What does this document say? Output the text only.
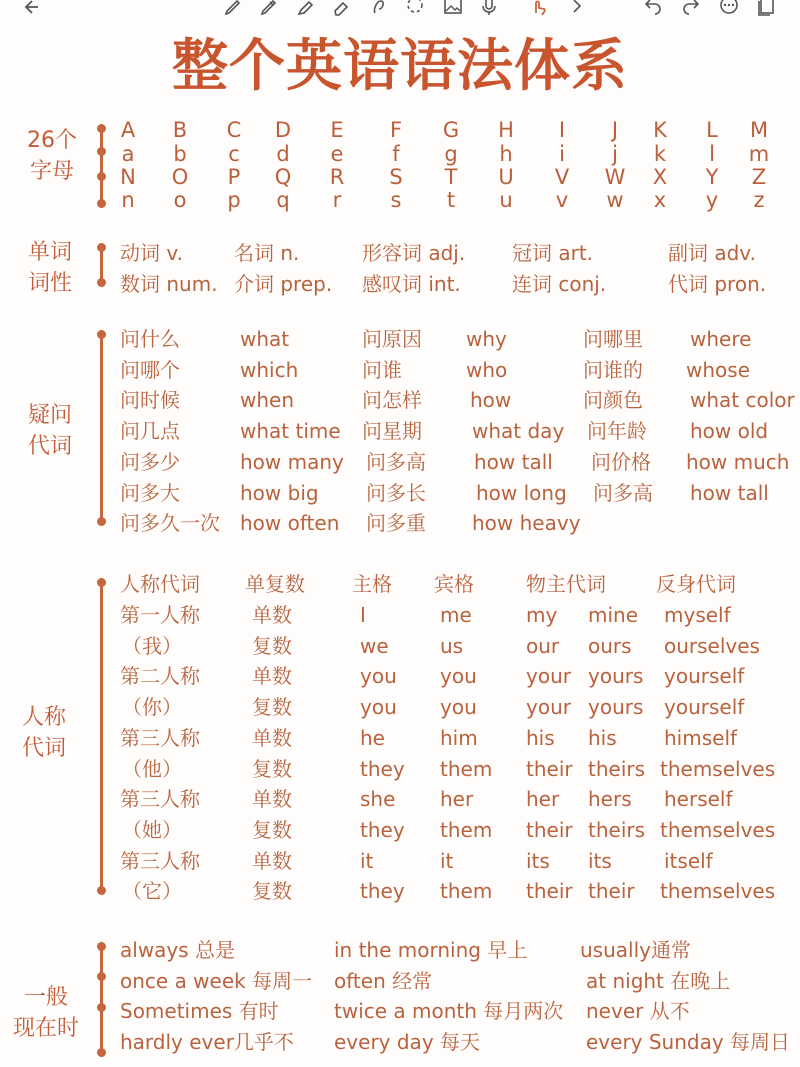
整个英语语法体系
26个
字母
A	B	C	D	E	F	G	H	I	J	K	L	M
a	b	c	d	e	f	g	h	i	j	k	l	m
N	O	P	Q	R	S	T	U	V	W	X	Y	Z
n	o	p	q	r	s	t	u	v	w	x	y	z
单词
词性
动词 v.	名词 n.	形容词 adj. 冠词 art.	副词 adv.
数词 num. 介词 prep. 感叹词 int.	连词 conj.	代词 pron.
疑问
代词
问什么	what	问原因 why	问哪里 where
问哪个	which	问谁	who	问谁的 whose
问时候	when	问怎样 how	问颜色 what color
问几点	what time 问星期	what day 问年龄 how old
问多少	how many 问多高 how tall 问价格 how much
问多大	how big 问多长	how long 问多高 how tall
问多久一次 how often 问多重 how heavy
人称
代词
人称代词 单复数 主格 宾格	物主代词	反身代词
第一人称	单数	I	me	my mine myself
（我）	复数	we	us	our ours ourselves
第二人称	单数	you you your yours yourself
（你）	复数	you you your yours yourself
第三人称	单数	he	him his his himself
（他）	复数	they them their theirs themselves
第三人称	单数	she her	her hers herself
（她）	复数	they them their theirs themselves
第三人称	单数	it	it	its its	itself
（它）	复数	they them their their themselves
一般
现在时
always 总是	in the morning 早上	usually通常
once a week 每周一 often 经常	at night 在晚上
Sometimes 有时	twice a month 每月两次 never 从不
hardly ever几乎不 every day 每天	every Sunday 每周日
